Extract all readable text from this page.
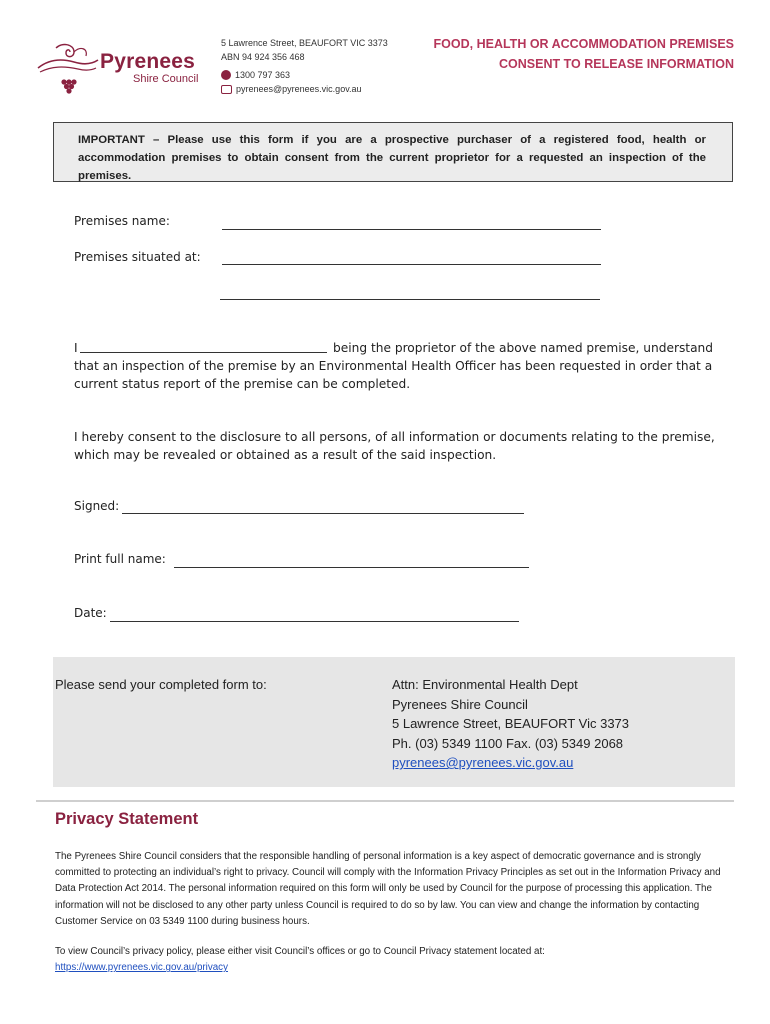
Pyrenees
Shire Council
5 Lawrence Street, BEAUFORT VIC 3373
ABN 94 924 356 468
1300 797 363
pyrenees@pyrenees.vic.gov.au
FOOD, HEALTH OR ACCOMMODATION PREMISES
CONSENT TO RELEASE INFORMATION
IMPORTANT – Please use this form if you are a prospective purchaser of a registered food, health or accommodation premises to obtain consent from the current proprietor for a requested an inspection of the premises.
Premises name:
Premises situated at:
I	being the proprietor of the above named premise, understand
that an inspection of the premise by an Environmental Health Officer has been requested in order that a
current status report of the premise can be completed.
I hereby consent to the disclosure to all persons, of all information or documents relating to the premise,
which may be revealed or obtained as a result of the said inspection.
Signed:
Print full name:
Date:
Please send your completed form to:	Attn: Environmental Health Dept
Pyrenees Shire Council
5 Lawrence Street, BEAUFORT Vic 3373
Ph. (03) 5349 1100 Fax. (03) 5349 2068
pyrenees@pyrenees.vic.gov.au
Privacy Statement

The Pyrenees Shire Council considers that the responsible handling of personal information is a key aspect of democratic governance and is strongly committed to protecting an individual’s right to privacy. Council will comply with the Information Privacy Principles as set out in the Information Privacy and Data Protection Act 2014. The personal information required on this form will only be used by Council for the purpose of processing this application. The information will not be disclosed to any other party unless Council is required to do so by law. You can view and change the information by contacting Customer Service on 03 5349 1100 during business hours.

To view Council’s privacy policy, please either visit Council’s offices or go to Council Privacy statement located at:
https://www.pyrenees.vic.gov.au/privacy
